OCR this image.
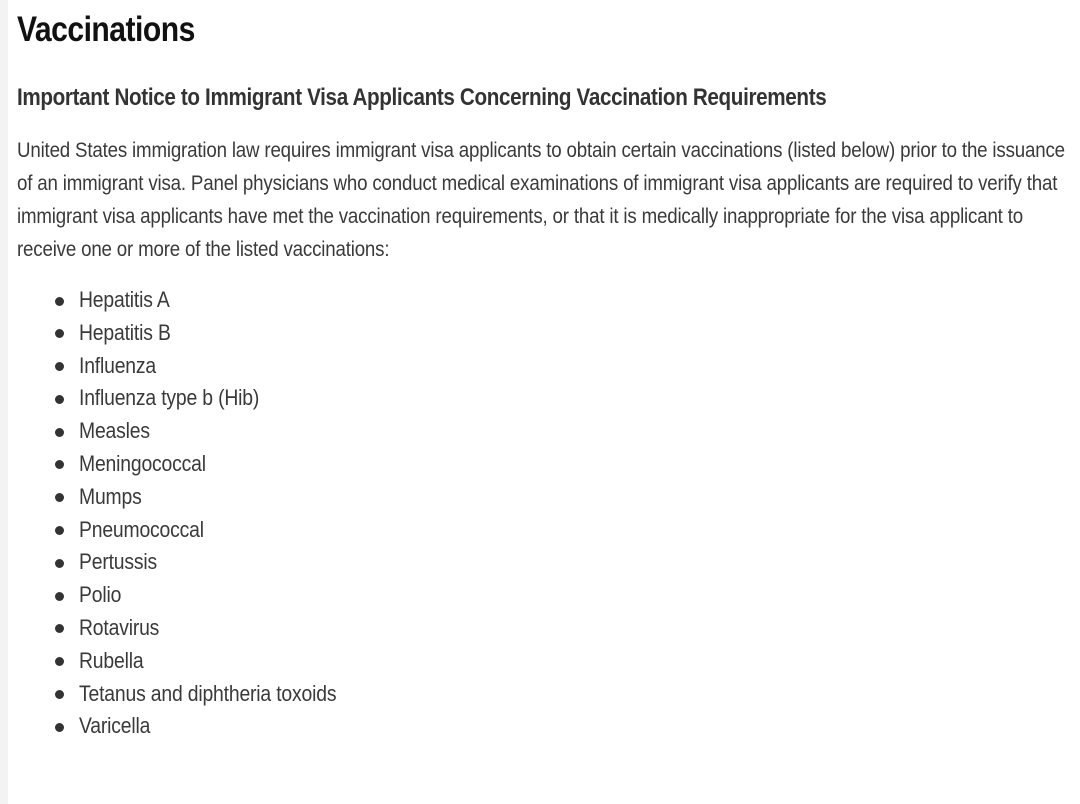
Vaccinations
Important Notice to Immigrant Visa Applicants Concerning Vaccination Requirements

United States immigration law requires immigrant visa applicants to obtain certain vaccinations (listed below) prior to the issuance of an immigrant visa. Panel physicians who conduct medical examinations of immigrant visa applicants are required to verify that immigrant visa applicants have met the vaccination requirements, or that it is medically inappropriate for the visa applicant to receive one or more of the listed vaccinations:

Hepatitis A
Hepatitis B
Influenza
Influenza type b (Hib)
Measles
Meningococcal
Mumps
Pneumococcal
Pertussis
Polio
Rotavirus
Rubella
Tetanus and diphtheria toxoids
Varicella
